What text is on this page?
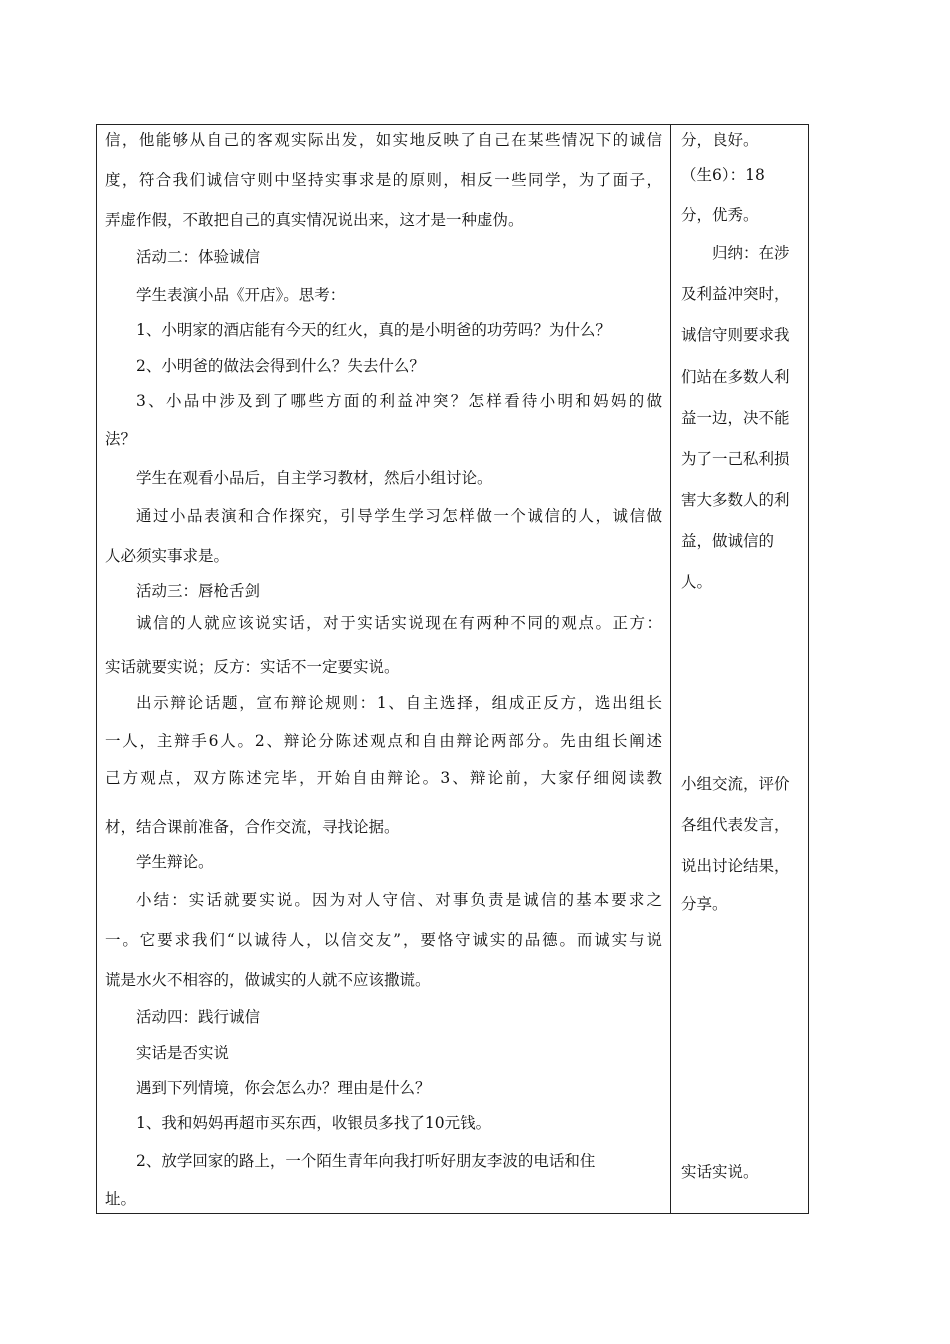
信，他能够从自己的客观实际出发，如实地反映了自己在某些情况下的诚信
度，符合我们诚信守则中坚持实事求是的原则，相反一些同学，为了面子，
弄虚作假，不敢把自己的真实情况说出来，这才是一种虚伪。
活动二：体验诚信
学生表演小品《开店》。思考：
1、小明家的酒店能有今天的红火，真的是小明爸的功劳吗？为什么？
2、小明爸的做法会得到什么？失去什么？
3、小品中涉及到了哪些方面的利益冲突？怎样看待小明和妈妈的做
法？
学生在观看小品后，自主学习教材，然后小组讨论。
通过小品表演和合作探究，引导学生学习怎样做一个诚信的人，诚信做
人必须实事求是。
活动三：唇枪舌剑
诚信的人就应该说实话，对于实话实说现在有两种不同的观点。正方：
实话就要实说；反方：实话不一定要实说。
出示辩论话题，宣布辩论规则：1、自主选择，组成正反方，选出组长
一人，主辩手6人。2、辩论分陈述观点和自由辩论两部分。先由组长阐述
己方观点，双方陈述完毕，开始自由辩论。3、辩论前，大家仔细阅读教
材，结合课前准备，合作交流，寻找论据。
学生辩论。
小结：实话就要实说。因为对人守信、对事负责是诚信的基本要求之
一。它要求我们“以诚待人，以信交友”，要恪守诚实的品德。而诚实与说
谎是水火不相容的，做诚实的人就不应该撒谎。
活动四：践行诚信
实话是否实说
遇到下列情境，你会怎么办？理由是什么？
1、我和妈妈再超市买东西，收银员多找了10元钱。
2、放学回家的路上，一个陌生青年向我打听好朋友李波的电话和住
址。
分，良好。
（生6）：18
分，优秀。
归纳：在涉
及利益冲突时，
诚信守则要求我
们站在多数人利
益一边，决不能
为了一己私利损
害大多数人的利
益，做诚信的
人。
小组交流，评价
各组代表发言，
说出讨论结果，
分享。
实话实说。
